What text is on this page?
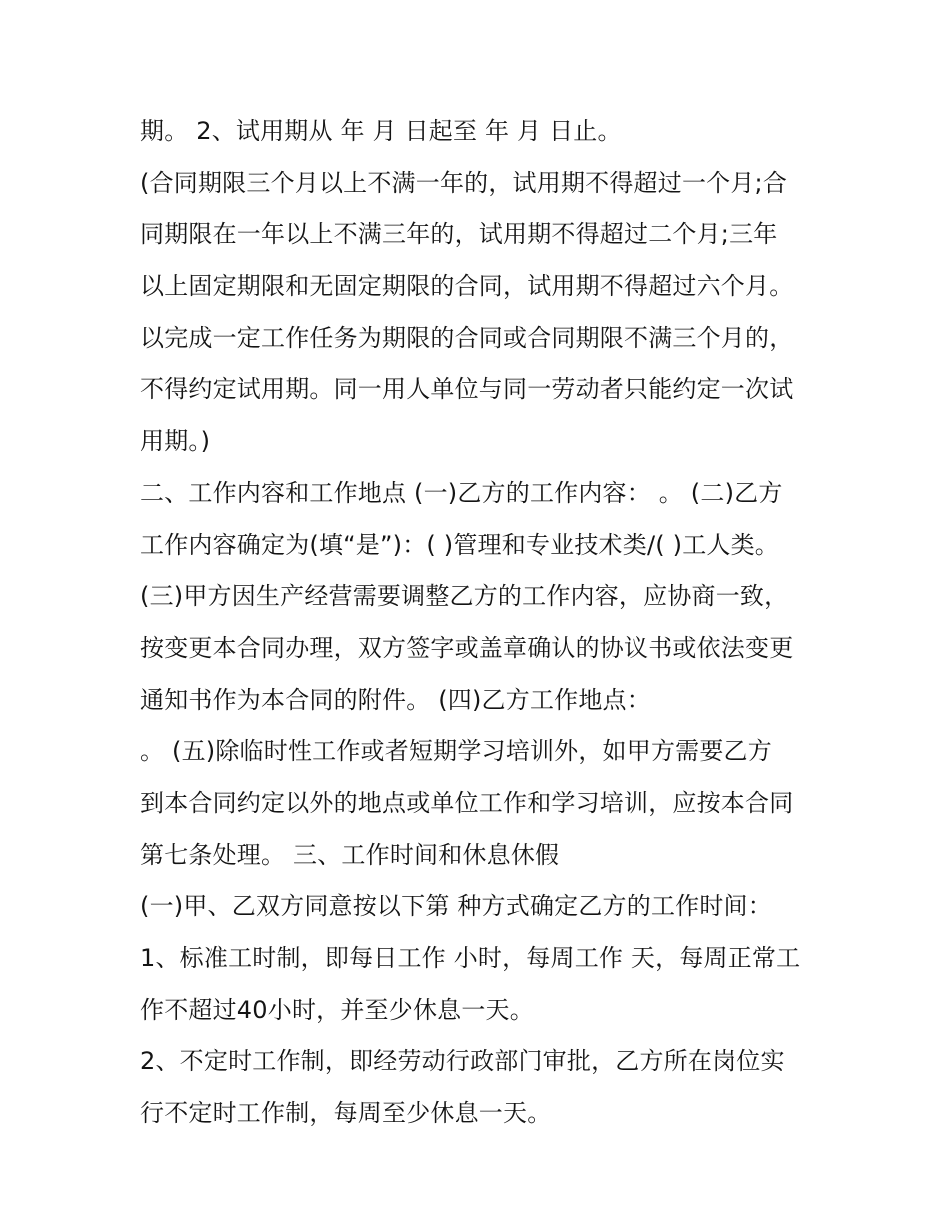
期。 2、试用期从 年 月 日起至 年 月 日止。
(合同期限三个月以上不满一年的，试用期不得超过一个月;合
同期限在一年以上不满三年的，试用期不得超过二个月;三年
以上固定期限和无固定期限的合同，试用期不得超过六个月。
以完成一定工作任务为期限的合同或合同期限不满三个月的，
不得约定试用期。同一用人单位与同一劳动者只能约定一次试
用期。)
二、工作内容和工作地点 (一)乙方的工作内容： 。 (二)乙方
工作内容确定为(填“是”)：( )管理和专业技术类/( )工人类。
(三)甲方因生产经营需要调整乙方的工作内容，应协商一致，
按变更本合同办理，双方签字或盖章确认的协议书或依法变更
通知书作为本合同的附件。 (四)乙方工作地点：
。 (五)除临时性工作或者短期学习培训外，如甲方需要乙方
到本合同约定以外的地点或单位工作和学习培训，应按本合同
第七条处理。 三、工作时间和休息休假
(一)甲、乙双方同意按以下第 种方式确定乙方的工作时间：
1、标准工时制，即每日工作 小时，每周工作 天，每周正常工
作不超过40小时，并至少休息一天。
2、不定时工作制，即经劳动行政部门审批，乙方所在岗位实
行不定时工作制，每周至少休息一天。
